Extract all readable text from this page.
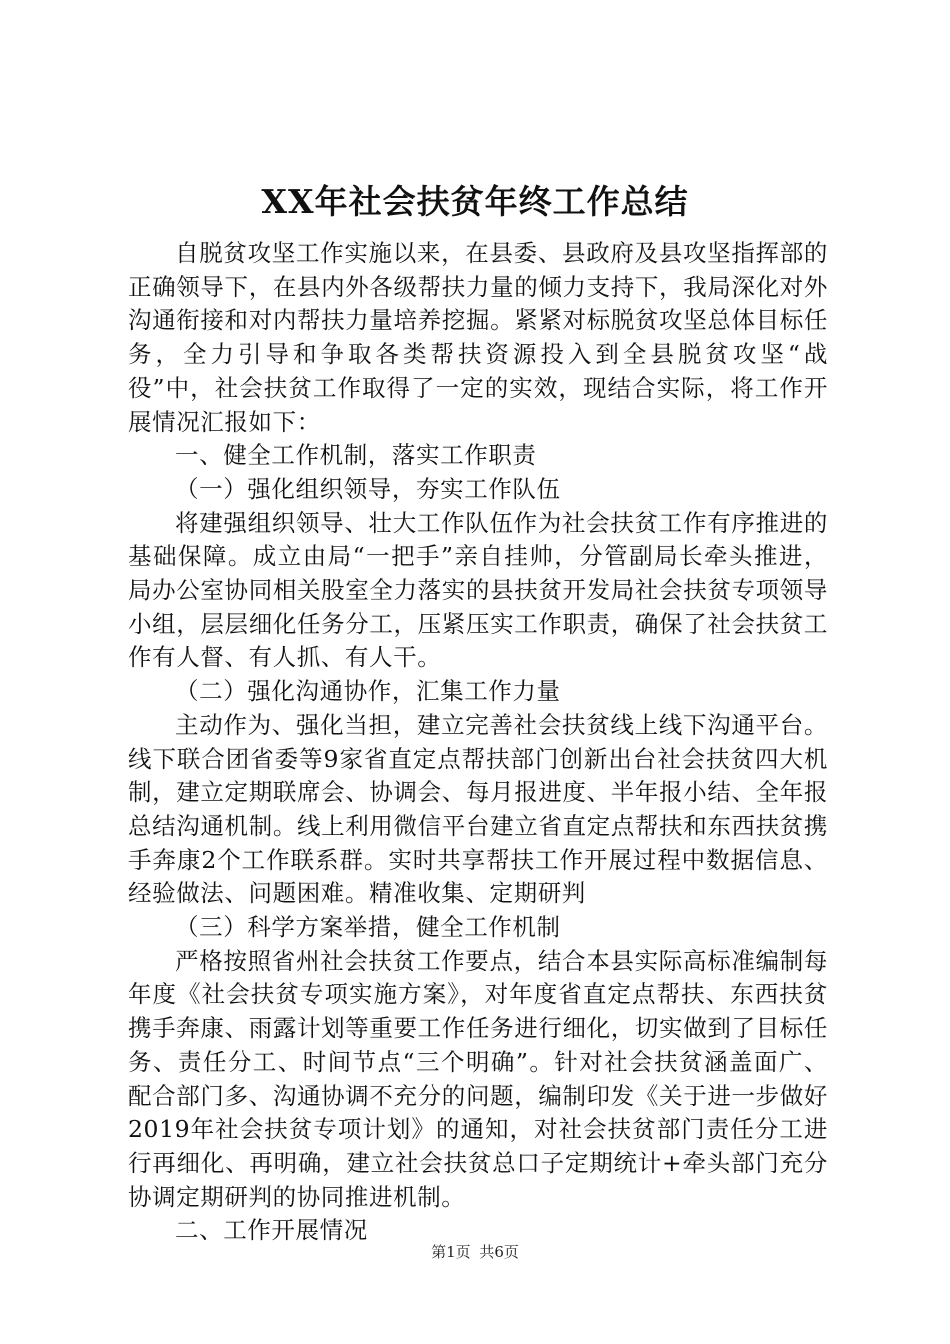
XX年社会扶贫年终工作总结

自脱贫攻坚工作实施以来，在县委、县政府及县攻坚指挥部的正确领导下，在县内外各级帮扶力量的倾力支持下，我局深化对外沟通衔接和对内帮扶力量培养挖掘。紧紧对标脱贫攻坚总体目标任务，全力引导和争取各类帮扶资源投入到全县脱贫攻坚“战役”中，社会扶贫工作取得了一定的实效，现结合实际，将工作开展情况汇报如下：

一、健全工作机制，落实工作职责

（一）强化组织领导，夯实工作队伍

将建强组织领导、壮大工作队伍作为社会扶贫工作有序推进的基础保障。成立由局“一把手”亲自挂帅，分管副局长牵头推进，局办公室协同相关股室全力落实的县扶贫开发局社会扶贫专项领导小组，层层细化任务分工，压紧压实工作职责，确保了社会扶贫工作有人督、有人抓、有人干。

（二）强化沟通协作，汇集工作力量

主动作为、强化当担，建立完善社会扶贫线上线下沟通平台。线下联合团省委等9家省直定点帮扶部门创新出台社会扶贫四大机制，建立定期联席会、协调会、每月报进度、半年报小结、全年报总结沟通机制。线上利用微信平台建立省直定点帮扶和东西扶贫携手奔康2个工作联系群。实时共享帮扶工作开展过程中数据信息、经验做法、问题困难。精准收集、定期研判

（三）科学方案举措，健全工作机制

严格按照省州社会扶贫工作要点，结合本县实际高标准编制每年度《社会扶贫专项实施方案》，对年度省直定点帮扶、东西扶贫携手奔康、雨露计划等重要工作任务进行细化，切实做到了目标任务、责任分工、时间节点“三个明确”。针对社会扶贫涵盖面广、配合部门多、沟通协调不充分的问题，编制印发《关于进一步做好2019年社会扶贫专项计划》的通知，对社会扶贫部门责任分工进行再细化、再明确，建立社会扶贫总口子定期统计+牵头部门充分协调定期研判的协同推进机制。

二、工作开展情况

第1页 共6页
